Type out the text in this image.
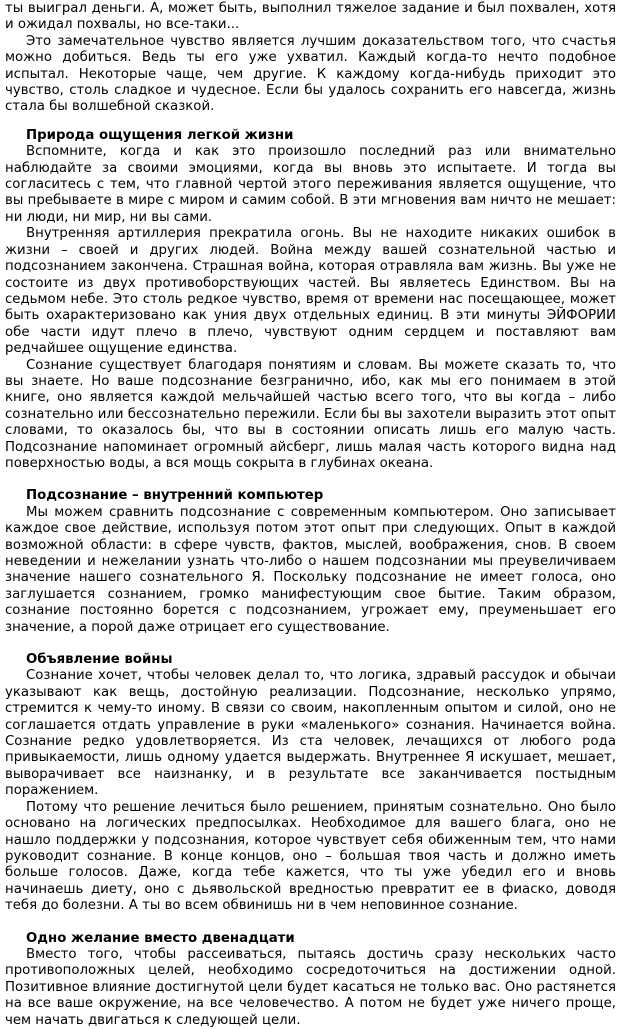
ты выиграл деньги. А, может быть, выполнил тяжелое задание и был похвален, хотя и ожидал похвалы, но все-таки...

Это замечательное чувство является лучшим доказательством того, что счастья можно добиться. Ведь ты его уже ухватил. Каждый когда-то нечто подобное испытал. Некоторые чаще, чем другие. К каждому когда-нибудь приходит это чувство, столь сладкое и чудесное. Если бы удалось сохранить его навсегда, жизнь стала бы волшебной сказкой.

Природа ощущения легкой жизни

Вспомните, когда и как это произошло последний раз или внимательно наблюдайте за своими эмоциями, когда вы вновь это испытаете. И тогда вы согласитесь с тем, что главной чертой этого переживания является ощущение, что вы пребываете в мире с миром и самим собой. В эти мгновения вам ничто не мешает: ни люди, ни мир, ни вы сами.

Внутренняя артиллерия прекратила огонь. Вы не находите никаких ошибок в жизни – своей и других людей. Война между вашей сознательной частью и подсознанием закончена. Страшная война, которая отравляла вам жизнь. Вы уже не состоите из двух противоборствующих частей. Вы являетесь Единством. Вы на седьмом небе. Это столь редкое чувство, время от времени нас посещающее, может быть охарактеризовано как уния двух отдельных единиц. В эти минуты ЭЙФОРИИ обе части идут плечо в плечо, чувствуют одним сердцем и поставляют вам редчайшее ощущение единства.

Сознание существует благодаря понятиям и словам. Вы можете сказать то, что вы знаете. Но ваше подсознание безгранично, ибо, как мы его понимаем в этой книге, оно является каждой мельчайшей частью всего того, что вы когда – либо сознательно или бессознательно пережили. Если бы вы захотели выразить этот опыт словами, то оказалось бы, что вы в состоянии описать лишь его малую часть. Подсознание напоминает огромный айсберг, лишь малая часть которого видна над поверхностью воды, а вся мощь сокрыта в глубинах океана.

Подсознание – внутренний компьютер

Мы можем сравнить подсознание с современным компьютером. Оно записывает каждое свое действие, используя потом этот опыт при следующих. Опыт в каждой возможной области: в сфере чувств, фактов, мыслей, воображения, снов. В своем неведении и нежелании узнать что-либо о нашем подсознании мы преувеличиваем значение нашего сознательного Я. Поскольку подсознание не имеет голоса, оно заглушается сознанием, громко манифестующим свое бытие. Таким образом, сознание постоянно борется с подсознанием, угрожает ему, преуменьшает его значение, а порой даже отрицает его существование.

Объявление войны

Сознание хочет, чтобы человек делал то, что логика, здравый рассудок и обычаи указывают как вещь, достойную реализации. Подсознание, несколько упрямо, стремится к чему-то иному. В связи со своим, накопленным опытом и силой, оно не соглашается отдать управление в руки «маленького» сознания. Начинается война. Сознание редко удовлетворяется. Из ста человек, лечащихся от любого рода привыкаемости, лишь одному удается выдержать. Внутреннее Я искушает, мешает, выворачивает все наизнанку, и в результате все заканчивается постыдным поражением.

Потому что решение лечиться было решением, принятым сознательно. Оно было основано на логических предпосылках. Необходимое для вашего блага, оно не нашло поддержки у подсознания, которое чувствует себя обиженным тем, что нами руководит сознание. В конце концов, оно – большая твоя часть и должно иметь больше голосов. Даже, когда тебе кажется, что ты уже убедил его и вновь начинаешь диету, оно с дьявольской вредностью превратит ее в фиаско, доводя тебя до болезни. А ты во всем обвинишь ни в чем неповинное сознание.

Одно желание вместо двенадцати

Вместо того, чтобы рассеиваться, пытаясь достичь сразу нескольких часто противоположных целей, необходимо сосредоточиться на достижении одной. Позитивное влияние достигнутой цели будет касаться не только вас. Оно растянется на все ваше окружение, на все человечество. А потом не будет уже ничего проще, чем начать двигаться к следующей цели.
